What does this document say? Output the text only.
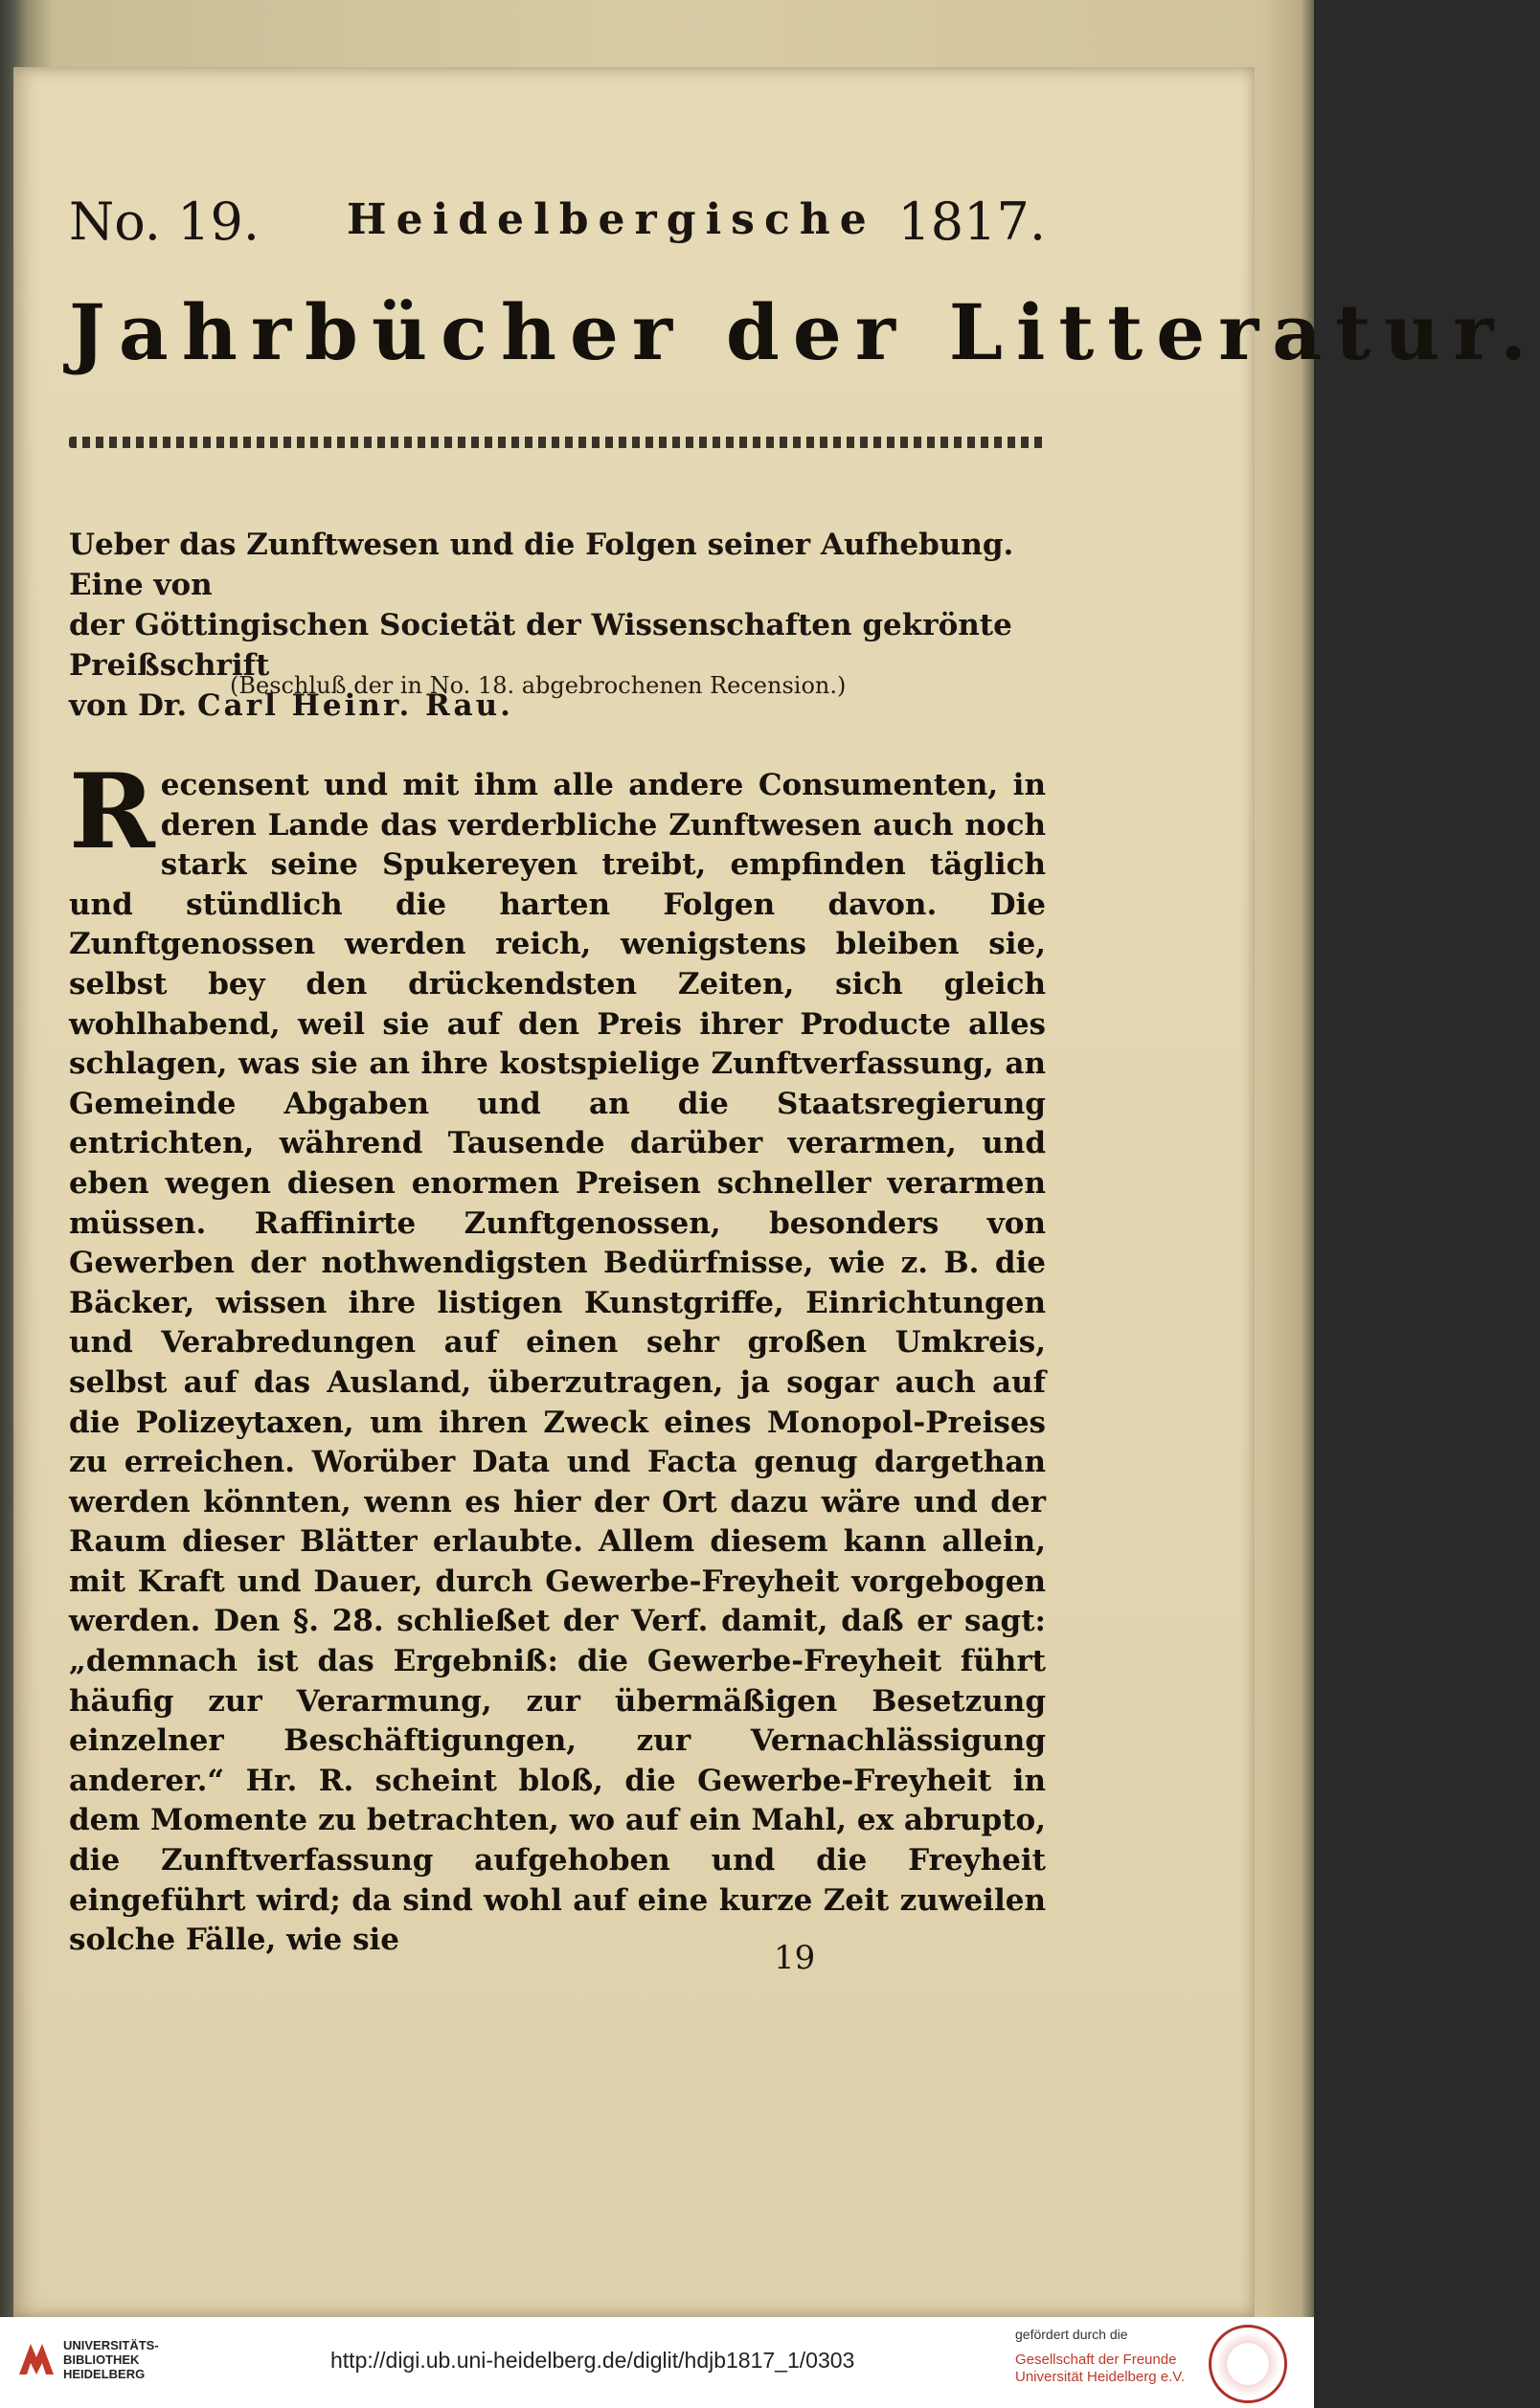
No. 19. Heidelbergische 1817.
Jahrbücher der Litteratur.
Ueber das Zunftwesen und die Folgen seiner Aufhebung. Eine von
der Göttingischen Societät der Wissenschaften gekrönte Preißschrift
von Dr. Carl Heinr. Rau.
(Beschluß der in No. 18. abgebrochenen Recension.)
R ecensent und mit ihm alle andere Consumenten, in deren Lande das verderbliche Zunftwesen auch noch stark seine Spukereyen treibt, empfinden täglich und stündlich die harten Folgen davon. Die Zunftgenossen werden reich, wenigstens bleiben sie, selbst bey den drückendsten Zeiten, sich gleich wohlhabend, weil sie auf den Preis ihrer Producte alles schlagen, was sie an ihre kostspielige Zunftverfassung, an Gemeinde Abgaben und an die Staatsregierung entrichten, während Tausende darüber verarmen, und eben wegen diesen enormen Preisen schneller verarmen müssen. Raffinirte Zunftgenossen, besonders von Gewerben der nothwendigsten Bedürfnisse, wie z. B. die Bäcker, wissen ihre listigen Kunstgriffe, Einrichtungen und Verabredungen auf einen sehr großen Umkreis, selbst auf das Ausland, überzutragen, ja sogar auch auf die Polizeytaxen, um ihren Zweck eines Monopol-Preises zu erreichen. Worüber Data und Facta genug dargethan werden könnten, wenn es hier der Ort dazu wäre und der Raum dieser Blätter erlaubte. Allem diesem kann allein, mit Kraft und Dauer, durch Gewerbe-Freyheit vorgebogen werden. Den §. 28. schließet der Verf. damit, daß er sagt: „demnach ist das Ergebniß: die Gewerbe-Freyheit führt häufig zur Verarmung, zur übermäßigen Besetzung einzelner Beschäftigungen, zur Vernachlässigung anderer.“ Hr. R. scheint bloß, die Gewerbe-Freyheit in dem Momente zu betrachten, wo auf ein Mahl, ex abrupto, die Zunftverfassung aufgehoben und die Freyheit eingeführt wird; da sind wohl auf eine kurze Zeit zuweilen solche Fälle, wie sie	19
UNIVERSITÄTS-
BIBLIOTHEK
HEIDELBERG
http://digi.ub.uni-heidelberg.de/diglit/hdjb1817_1/0303
gefördert durch die
Gesellschaft der Freunde
Universität Heidelberg e.V.
